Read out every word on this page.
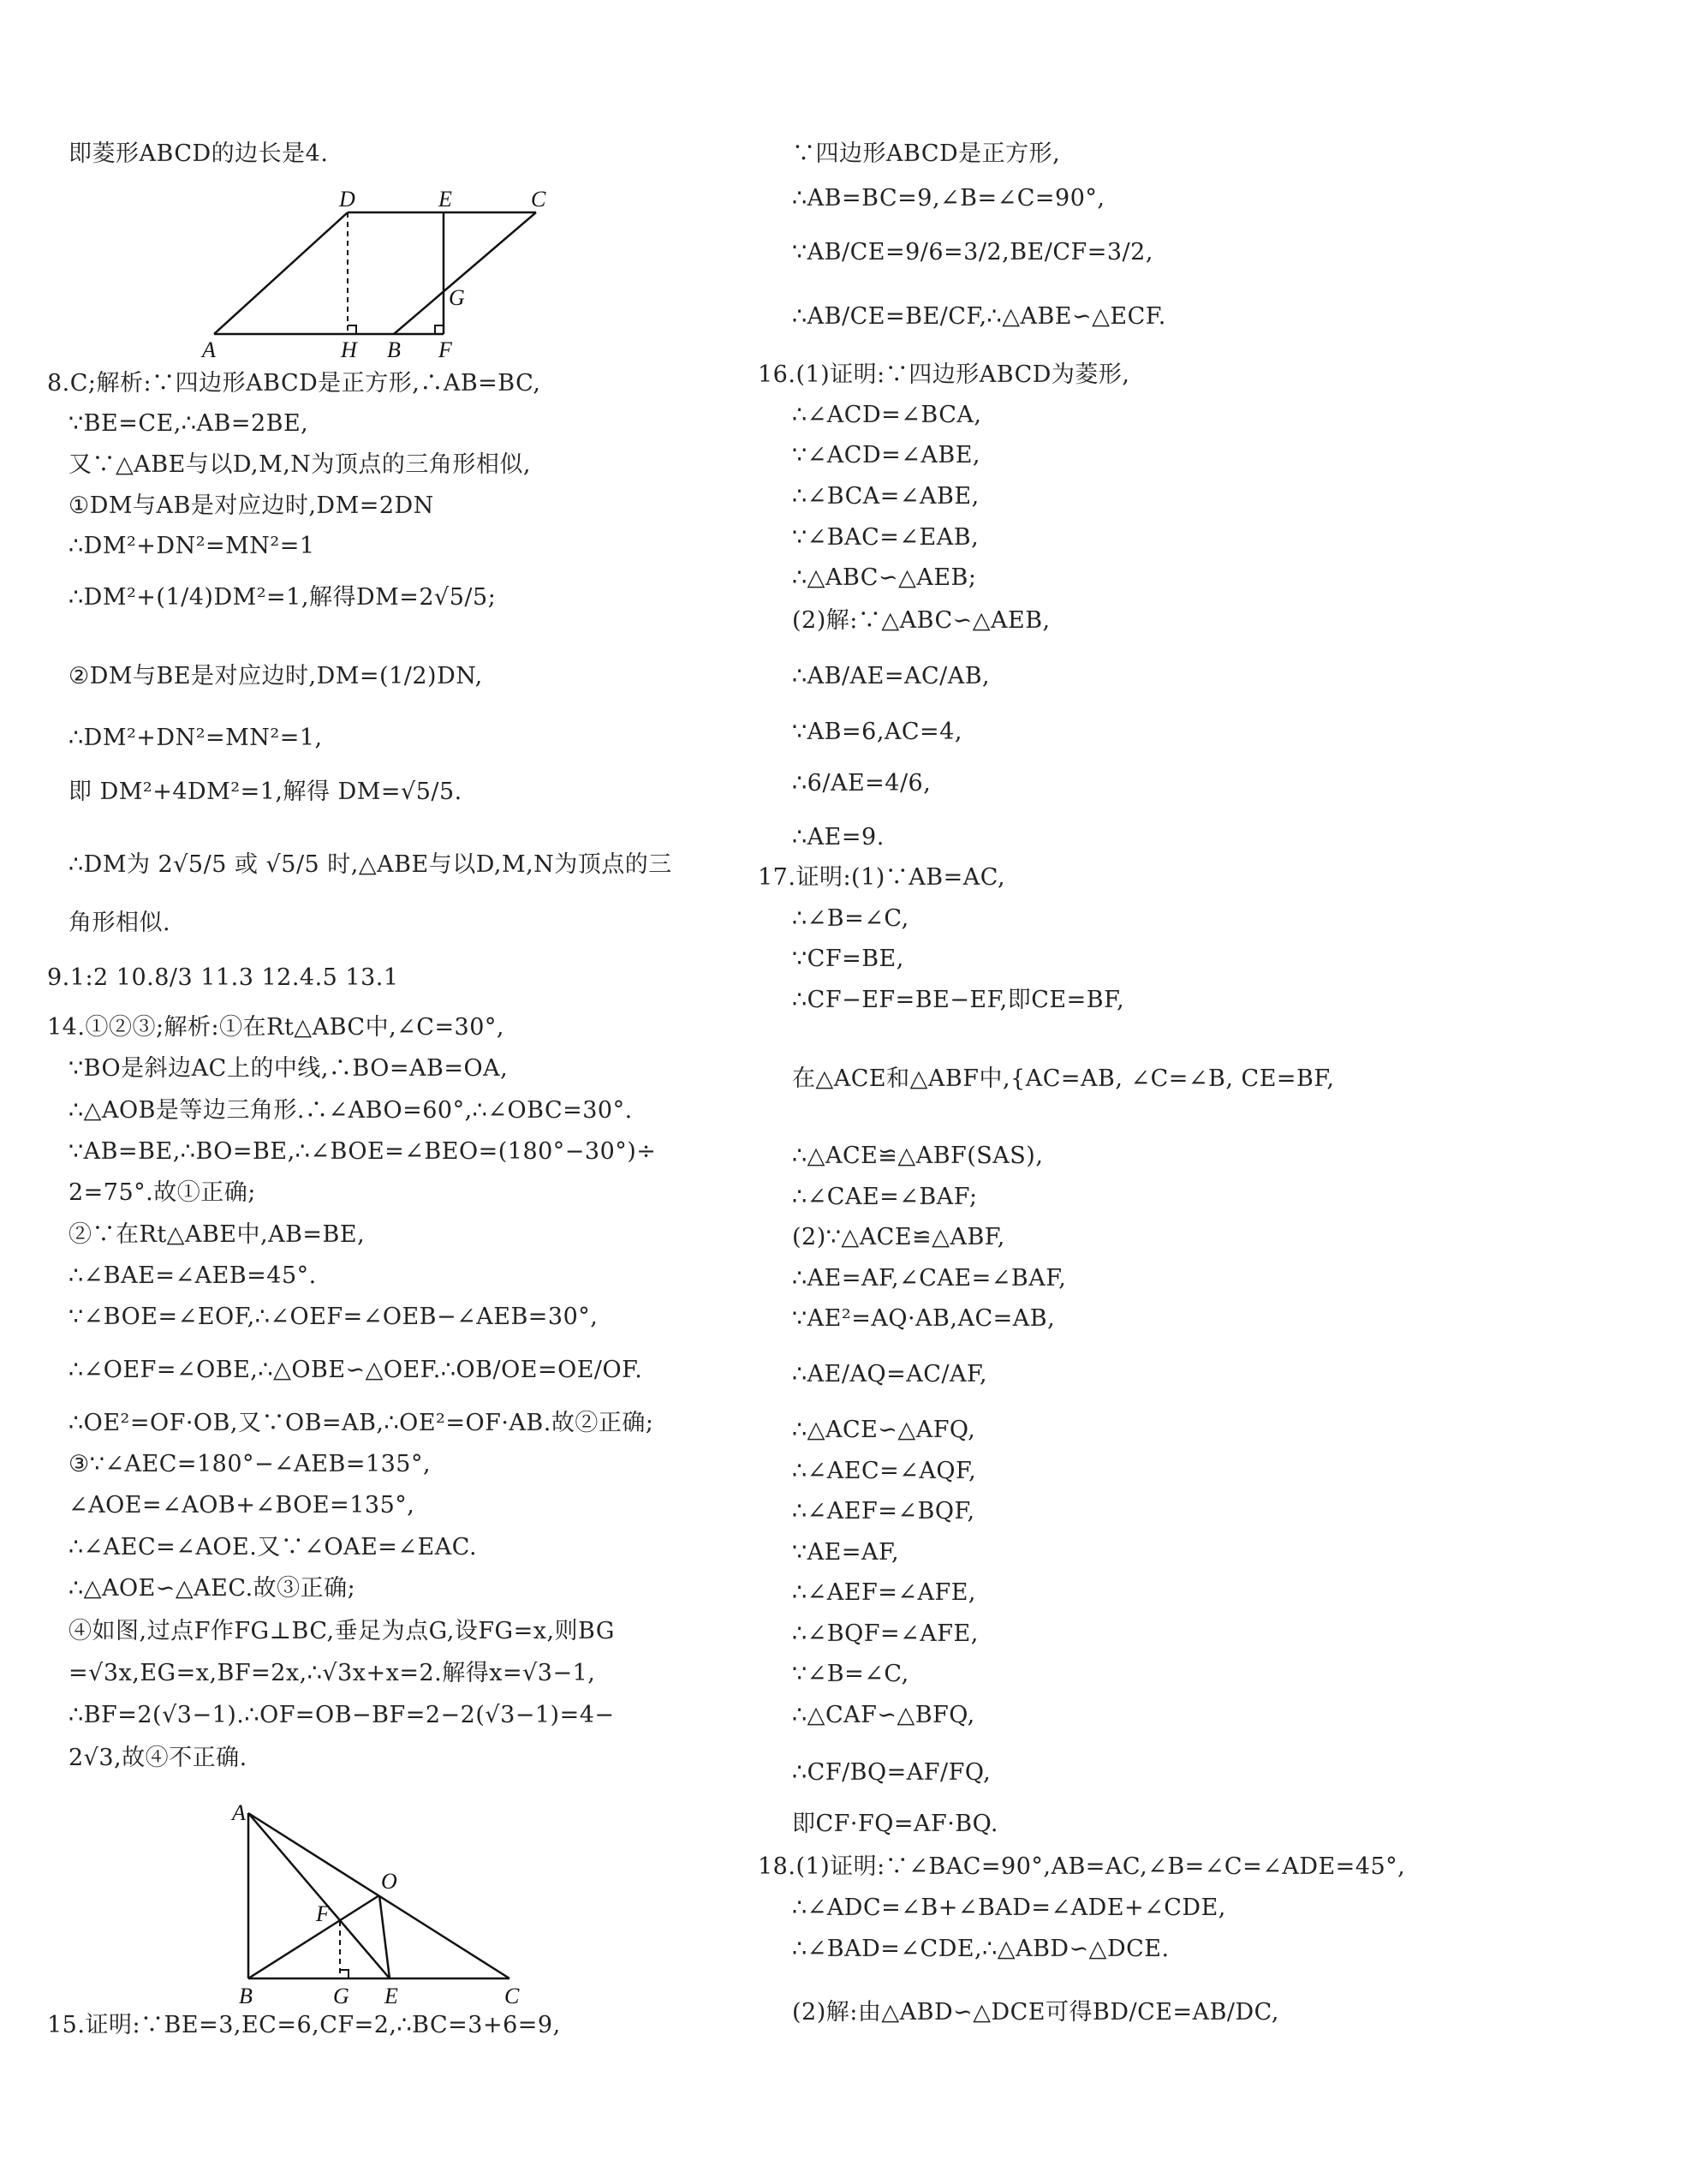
即菱形ABCD的边长是4.
8.C;解析:∵四边形ABCD是正方形,∴AB=BC,
∵BE=CE,∴AB=2BE,
又∵△ABE与以D,M,N为顶点的三角形相似,
①DM与AB是对应边时,DM=2DN
∴DM²+DN²=MN²=1
∴DM²+(1/4)DM²=1,解得DM=2√5/5;
②DM与BE是对应边时,DM=(1/2)DN,
∴DM²+DN²=MN²=1,
即 DM²+4DM²=1,解得 DM=√5/5.
∴DM为 2√5/5 或 √5/5 时,△ABE与以D,M,N为顶点的三
角形相似.
9.1:2 10.8/3 11.3 12.4.5 13.1
14.①②③;解析:①在Rt△ABC中,∠C=30°,
∵BO是斜边AC上的中线,∴BO=AB=OA,
∴△AOB是等边三角形.∴∠ABO=60°,∴∠OBC=30°.
∵AB=BE,∴BO=BE,∴∠BOE=∠BEO=(180°−30°)÷
2=75°.故①正确;
②∵在Rt△ABE中,AB=BE,
∴∠BAE=∠AEB=45°.
∵∠BOE=∠EOF,∴∠OEF=∠OEB−∠AEB=30°,
∴∠OEF=∠OBE,∴△OBE∽△OEF.∴OB/OE=OE/OF.
∴OE²=OF·OB,又∵OB=AB,∴OE²=OF·AB.故②正确;
③∵∠AEC=180°−∠AEB=135°,
∠AOE=∠AOB+∠BOE=135°,
∴∠AEC=∠AOE.又∵∠OAE=∠EAC.
∴△AOE∽△AEC.故③正确;
④如图,过点F作FG⊥BC,垂足为点G,设FG=x,则BG
=√3x,EG=x,BF=2x,∴√3x+x=2.解得x=√3−1,
∴BF=2(√3−1).∴OF=OB−BF=2−2(√3−1)=4−
2√3,故④不正确.
15.证明:∵BE=3,EC=6,CF=2,∴BC=3+6=9,
∵四边形ABCD是正方形,
∴AB=BC=9,∠B=∠C=90°,
∵AB/CE=9/6=3/2,BE/CF=3/2,
∴AB/CE=BE/CF,∴△ABE∽△ECF.
16.(1)证明:∵四边形ABCD为菱形,
∴∠ACD=∠BCA,
∵∠ACD=∠ABE,
∴∠BCA=∠ABE,
∵∠BAC=∠EAB,
∴△ABC∽△AEB;
(2)解:∵△ABC∽△AEB,
∴AB/AE=AC/AB,
∵AB=6,AC=4,
∴6/AE=4/6,
∴AE=9.
17.证明:(1)∵AB=AC,
∴∠B=∠C,
∵CF=BE,
∴CF−EF=BE−EF,即CE=BF,
在△ACE和△ABF中,{AC=AB, ∠C=∠B, CE=BF,
∴△ACE≌△ABF(SAS),
∴∠CAE=∠BAF;
(2)∵△ACE≌△ABF,
∴AE=AF,∠CAE=∠BAF,
∵AE²=AQ·AB,AC=AB,
∴AE/AQ=AC/AF,
∴△ACE∽△AFQ,
∴∠AEC=∠AQF,
∴∠AEF=∠BQF,
∵AE=AF,
∴∠AEF=∠AFE,
∴∠BQF=∠AFE,
∵∠B=∠C,
∴△CAF∽△BFQ,
∴CF/BQ=AF/FQ,
即CF·FQ=AF·BQ.
18.(1)证明:∵∠BAC=90°,AB=AC,∠B=∠C=∠ADE=45°,
∴∠ADC=∠B+∠BAD=∠ADE+∠CDE,
∴∠BAD=∠CDE,∴△ABD∽△DCE.
(2)解:由△ABD∽△DCE可得BD/CE=AB/DC,
D	E	C
G
A	H B F
A
O
F
B	G E	C
